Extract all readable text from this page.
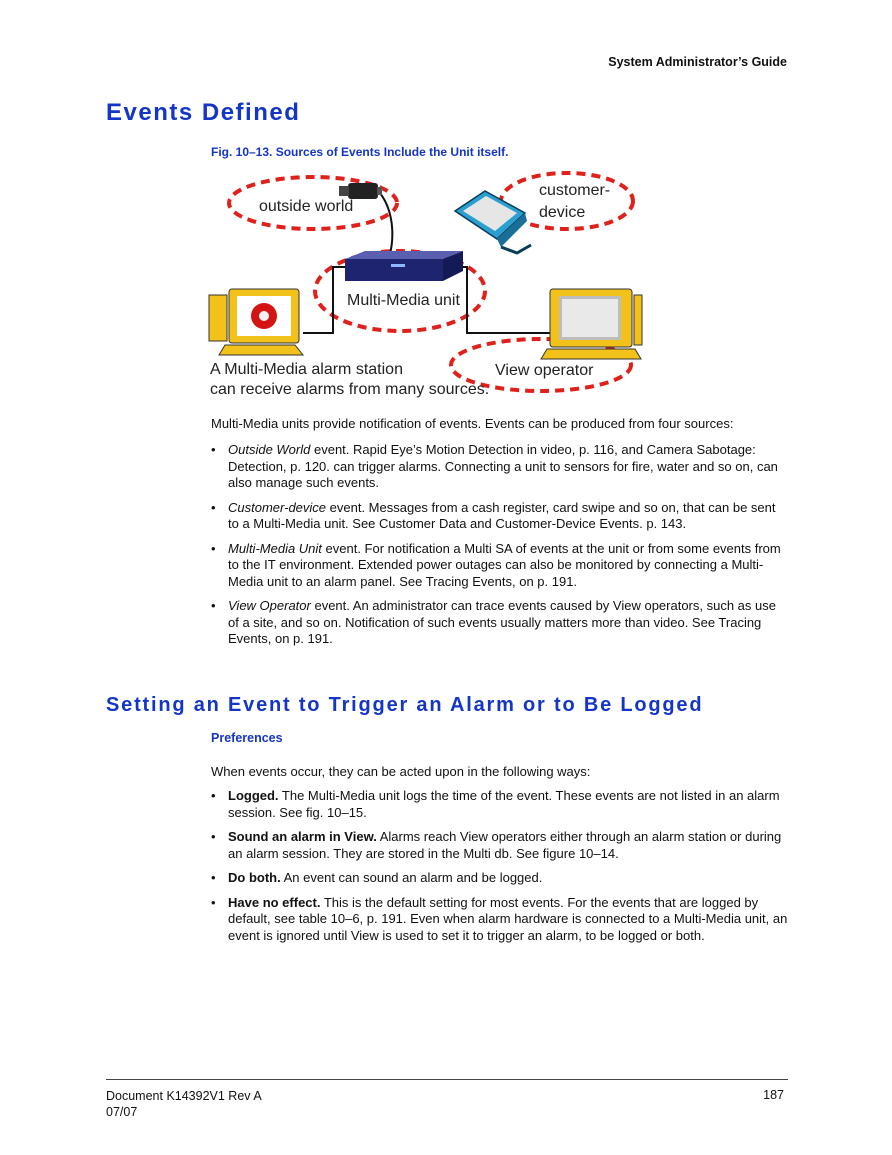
System Administrator’s Guide
Events Defined
Fig. 10–13. Sources of Events Include the Unit itself.
outside world
customer-
device
Multi-Media unit
View operator
A Multi-Media alarm station
can receive alarms from many sources.
Multi-Media units provide notification of events. Events can be produced from four sources:
• Outside World event. Rapid Eye’s Motion Detection in video, p. 116, and Camera Sabotage: Detection, p. 120. can trigger alarms. Connecting a unit to sensors for fire, water and so on, can also manage such events.
• Customer-device event. Messages from a cash register, card swipe and so on, that can be sent to a Multi-Media unit. See Customer Data and Customer-Device Events. p. 143.
• Multi-Media Unit event. For notification a Multi SA of events at the unit or from some events from to the IT environment. Extended power outages can also be monitored by connecting a Multi-Media unit to an alarm panel. See Tracing Events, on p. 191.
• View Operator event. An administrator can trace events caused by View operators, such as use of a site, and so on. Notification of such events usually matters more than video. See Tracing Events, on p. 191.
Setting an Event to Trigger an Alarm or to Be Logged
Preferences
When events occur, they can be acted upon in the following ways:
• Logged. The Multi-Media unit logs the time of the event. These events are not listed in an alarm session. See fig. 10–15.
• Sound an alarm in View. Alarms reach View operators either through an alarm station or during an alarm session. They are stored in the Multi db. See figure 10–14.
• Do both. An event can sound an alarm and be logged.
• Have no effect. This is the default setting for most events. For the events that are logged by default, see table 10–6, p. 191. Even when alarm hardware is connected to a Multi-Media unit, an event is ignored until View is used to set it to trigger an alarm, to be logged or both.
Document K14392V1 Rev A
07/07
187
